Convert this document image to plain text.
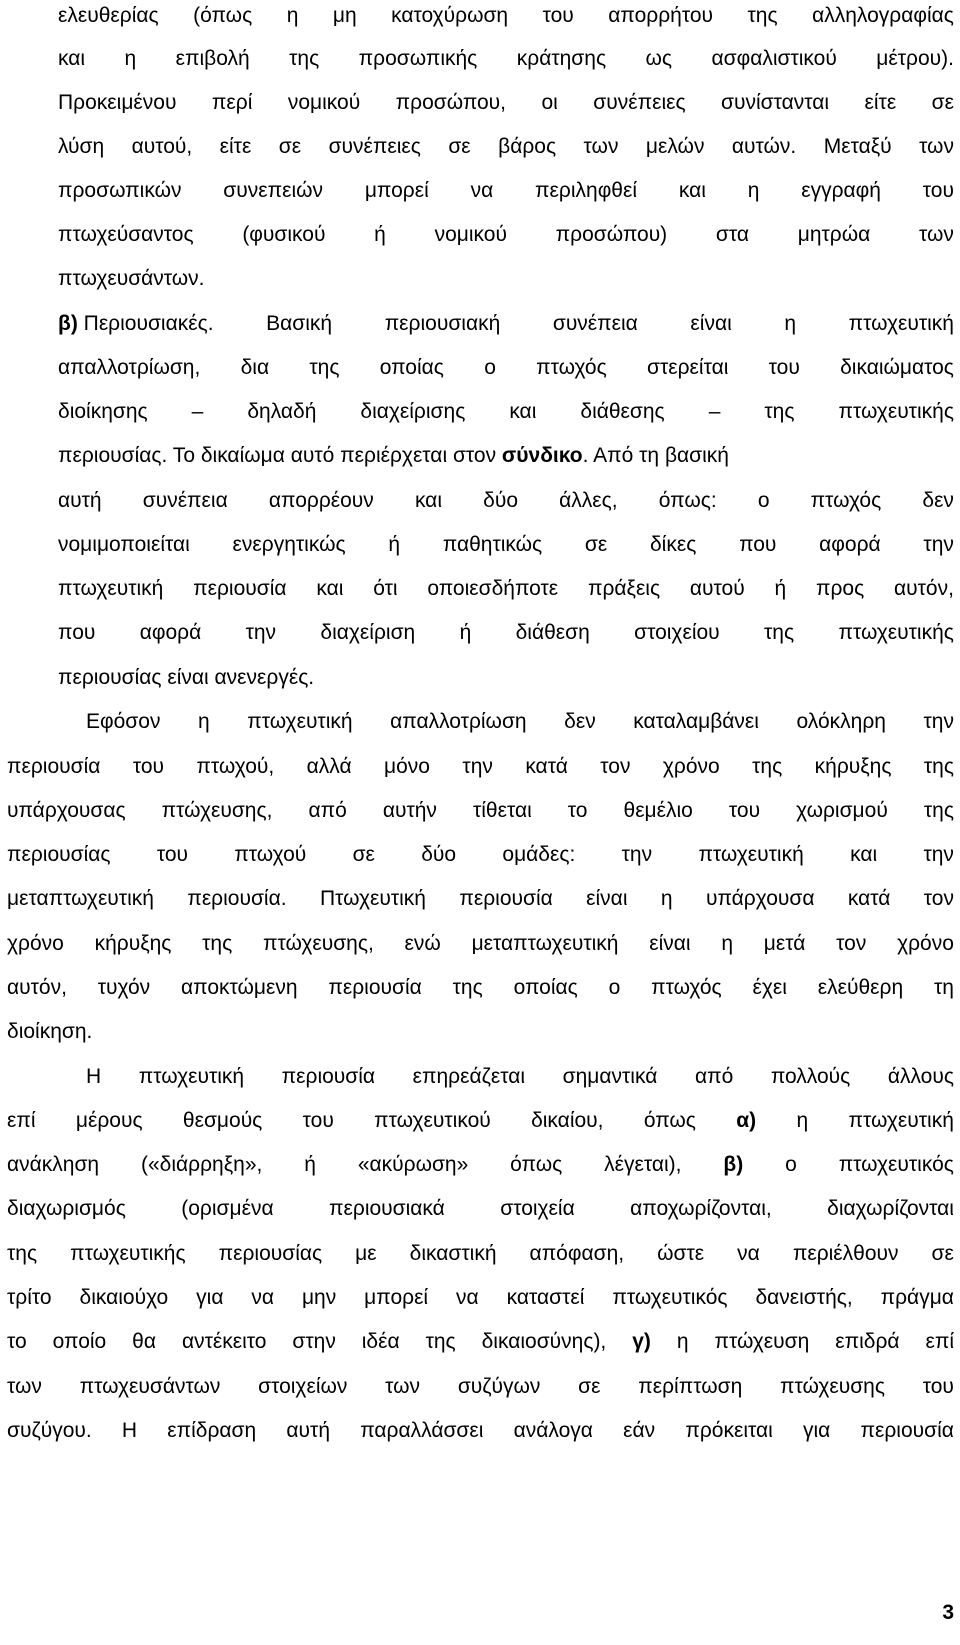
ελευθερίας (όπως η μη κατοχύρωση του απορρήτου της αλληλογραφίας
και η επιβολή της προσωπικής κράτησης ως ασφαλιστικού μέτρου).
Προκειμένου περί νομικού προσώπου, οι συνέπειες συνίστανται είτε σε
λύση αυτού, είτε σε συνέπειες σε βάρος των μελών αυτών. Μεταξύ των
προσωπικών συνεπειών μπορεί να περιληφθεί και η εγγραφή του
πτωχεύσαντος (φυσικού ή νομικού προσώπου) στα μητρώα των
πτωχευσάντων.
β) Περιουσιακές.	Βασική	περιουσιακή	συνέπεια	είναι	η	πτωχευτική
απαλλοτρίωση, δια της οποίας ο πτωχός στερείται του δικαιώματος
διοίκησης – δηλαδή διαχείρισης και διάθεσης – της πτωχευτικής
περιουσίας. Το δικαίωμα αυτό περιέρχεται στον σύνδικο. Από τη βασική
αυτή συνέπεια απορρέουν και δύο άλλες, όπως: ο πτωχός δεν
νομιμοποιείται ενεργητικώς ή παθητικώς σε δίκες που αφορά την
πτωχευτική περιουσία και ότι οποιεσδήποτε πράξεις αυτού ή προς αυτόν,
που αφορά την διαχείριση ή διάθεση στοιχείου της πτωχευτικής
περιουσίας είναι ανενεργές.
Εφόσον η πτωχευτική απαλλοτρίωση δεν καταλαμβάνει ολόκληρη την
περιουσία του πτωχού, αλλά μόνο την κατά τον χρόνο της κήρυξης της
υπάρχουσας πτώχευσης, από αυτήν τίθεται το θεμέλιο του χωρισμού της
περιουσίας του πτωχού σε δύο ομάδες: την πτωχευτική και την
μεταπτωχευτική περιουσία. Πτωχευτική περιουσία είναι η υπάρχουσα κατά τον
χρόνο κήρυξης της πτώχευσης, ενώ μεταπτωχευτική είναι η μετά τον χρόνο
αυτόν, τυχόν αποκτώμενη περιουσία της οποίας ο πτωχός έχει ελεύθερη τη
διοίκηση.
Η πτωχευτική περιουσία επηρεάζεται σημαντικά από πολλούς άλλους
επί μέρους θεσμούς του πτωχευτικού δικαίου, όπως α) η πτωχευτική
ανάκληση («διάρρηξη», ή «ακύρωση» όπως λέγεται), β) ο πτωχευτικός
διαχωρισμός	(ορισμένα	περιουσιακά	στοιχεία	αποχωρίζονται,	διαχωρίζονται
της πτωχευτικής περιουσίας με δικαστική απόφαση, ώστε να περιέλθουν σε
τρίτο δικαιούχο για να μην μπορεί να καταστεί πτωχευτικός δανειστής, πράγμα
το οποίο θα αντέκειτο στην ιδέα της δικαιοσύνης), γ) η πτώχευση επιδρά επί
των πτωχευσάντων στοιχείων των συζύγων σε περίπτωση πτώχευσης του
συζύγου. Η επίδραση αυτή παραλλάσσει ανάλογα εάν πρόκειται για περιουσία
3
